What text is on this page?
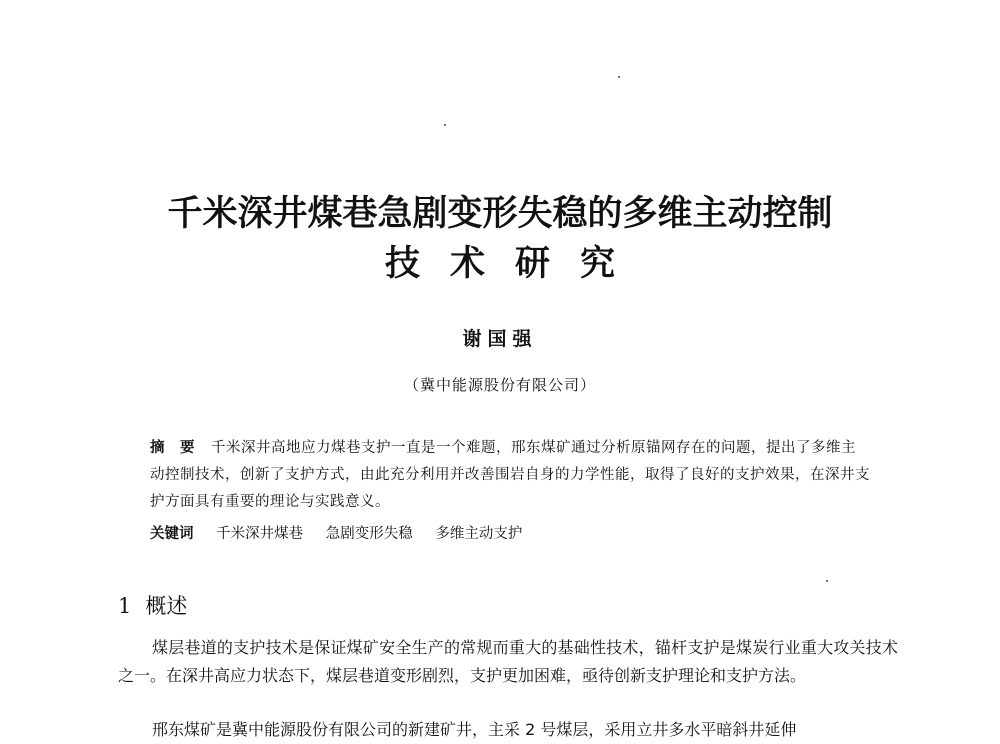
千米深井煤巷急剧变形失稳的多维主动控制
技术研究
谢国强
（冀中能源股份有限公司）
摘　要 千米深井高地应力煤巷支护一直是一个难题，邢东煤矿通过分析原锚网存在的问题，提出了多维主动控制技术，创新了支护方式，由此充分利用并改善围岩自身的力学性能，取得了良好的支护效果，在深井支护方面具有重要的理论与实践意义。
关键词 千米深井煤巷 急剧变形失稳 多维主动支护
1 概述

煤层巷道的支护技术是保证煤矿安全生产的常规而重大的基础性技术，锚杆支护是煤炭行业重大攻关技术之一。在深井高应力状态下，煤层巷道变形剧烈，支护更加困难，亟待创新支护理论和支护方法。

邢东煤矿是冀中能源股份有限公司的新建矿井，主采 2 号煤层，采用立井多水平暗斜井延伸
